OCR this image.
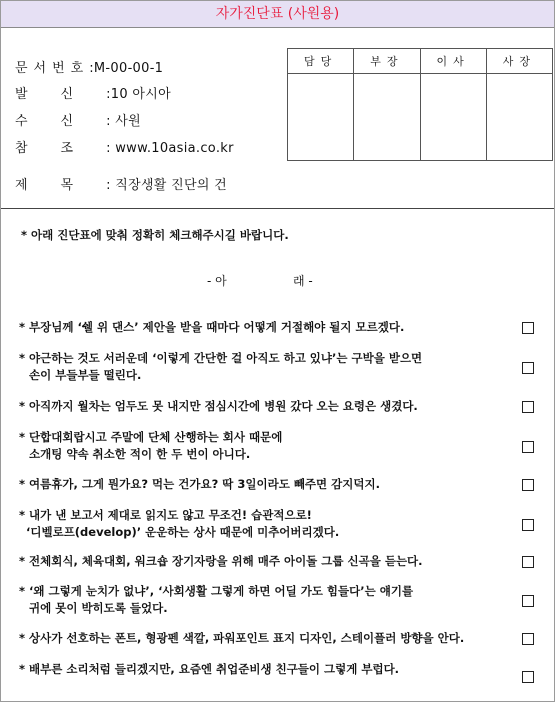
자가진단표 (사원용)
문서번호:M-00-00-1
발신:10 아시아
수신: 사원
참조: www.10asia.co.kr
제목: 직장생활 진단의 건
담당	부장	이사	사장

* 아래 진단표에 맞춰 정확히 체크해주시길 바랍니다.
- 아	래 -
* 부장님께 ‘쉘 위 댄스’ 제안을 받을 때마다 어떻게 거절해야 될지 모르겠다.
* 야근하는 것도 서러운데 ‘이렇게 간단한 걸 아직도 하고 있냐’는 구박을 받으면
손이 부들부들 떨린다.
* 아직까지 월차는 엄두도 못 내지만 점심시간에 병원 갔다 오는 요령은 생겼다.
* 단합대회랍시고 주말에 단체 산행하는 회사 때문에
소개팅 약속 취소한 적이 한 두 번이 아니다.
* 여름휴가, 그게 뭔가요? 먹는 건가요? 딱 3일이라도 빼주면 감지덕지.
* 내가 낸 보고서 제대로 읽지도 않고 무조건! 습관적으로!
‘디벨로프(develop)’ 운운하는 상사 때문에 미추어버리겠다.
* 전체회식, 체육대회, 워크숍 장기자랑을 위해 매주 아이돌 그룹 신곡을 듣는다.
* ‘왜 그렇게 눈치가 없냐’, ‘사회생활 그렇게 하면 어딜 가도 힘들다’는 얘기를
귀에 못이 박히도록 들었다.
* 상사가 선호하는 폰트, 형광펜 색깔, 파워포인트 표지 디자인, 스테이플러 방향을 안다.
* 배부른 소리처럼 들리겠지만, 요즘엔 취업준비생 친구들이 그렇게 부럽다.
